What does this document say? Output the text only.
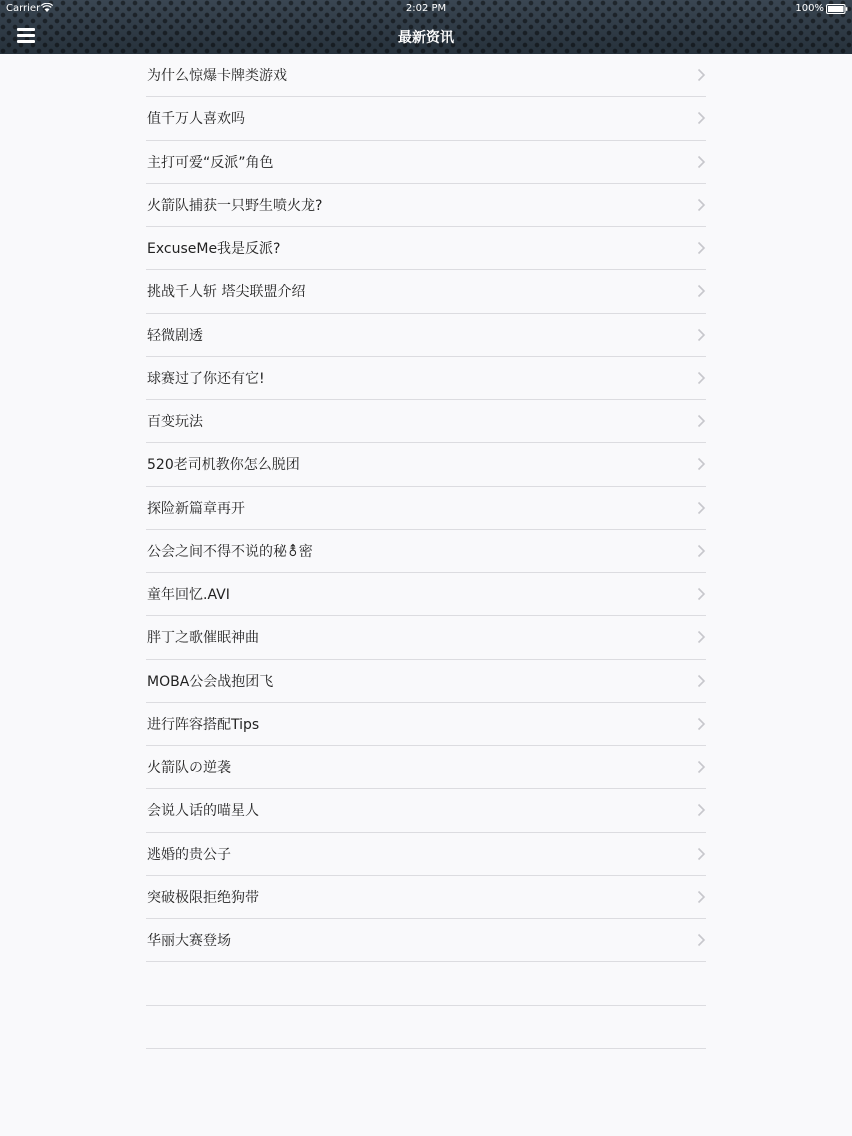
Carrier	2:02 PM	100%
最新资讯
为什么惊爆卡牌类游戏
值千万人喜欢吗
主打可爱“反派”角色
火箭队捕获一只野生喷火龙?
ExcuseMe我是反派?
挑战千人斩 塔尖联盟介绍
轻微剧透
球赛过了你还有它!
百变玩法
520老司机教你怎么脱团
探险新篇章再开
公会之间不得不说的秘⚨密
童年回忆.AVI
胖丁之歌催眠神曲
MOBA公会战抱团飞
进行阵容搭配Tips
火箭队の逆袭
会说人话的喵星人
逃婚的贵公子
突破极限拒绝狗带
华丽大赛登场
